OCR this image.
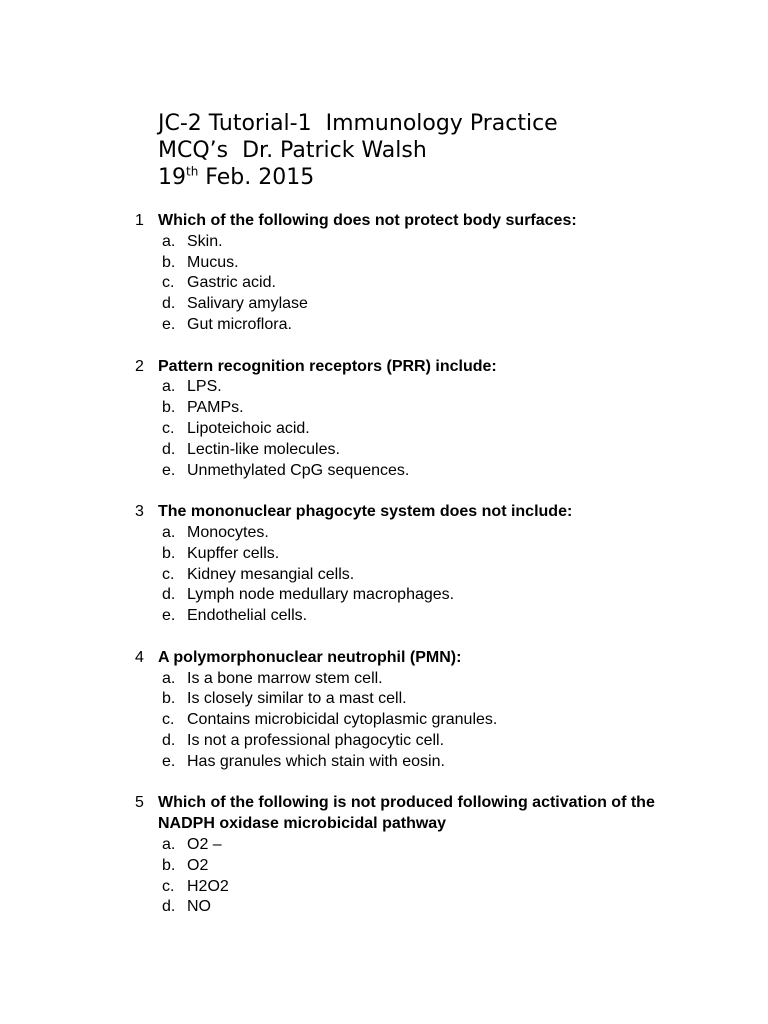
JC-2 Tutorial-1  Immunology Practice
MCQ’s  Dr. Patrick Walsh
19th Feb. 2015
1 Which of the following does not protect body surfaces:
a. Skin.
b. Mucus.
c. Gastric acid.
d. Salivary amylase
e. Gut microflora.
2 Pattern recognition receptors (PRR) include:
a. LPS.
b. PAMPs.
c. Lipoteichoic acid.
d. Lectin-like molecules.
e. Unmethylated CpG sequences.
3 The mononuclear phagocyte system does not include:
a. Monocytes.
b. Kupffer cells.
c. Kidney mesangial cells.
d. Lymph node medullary macrophages.
e. Endothelial cells.
4 A polymorphonuclear neutrophil (PMN):
a. Is a bone marrow stem cell.
b. Is closely similar to a mast cell.
c. Contains microbicidal cytoplasmic granules.
d. Is not a professional phagocytic cell.
e. Has granules which stain with eosin.
5 Which of the following is not produced following activation of the NADPH oxidase microbicidal pathway
a. O2 –
b. O2
c. H2O2
d. NO
